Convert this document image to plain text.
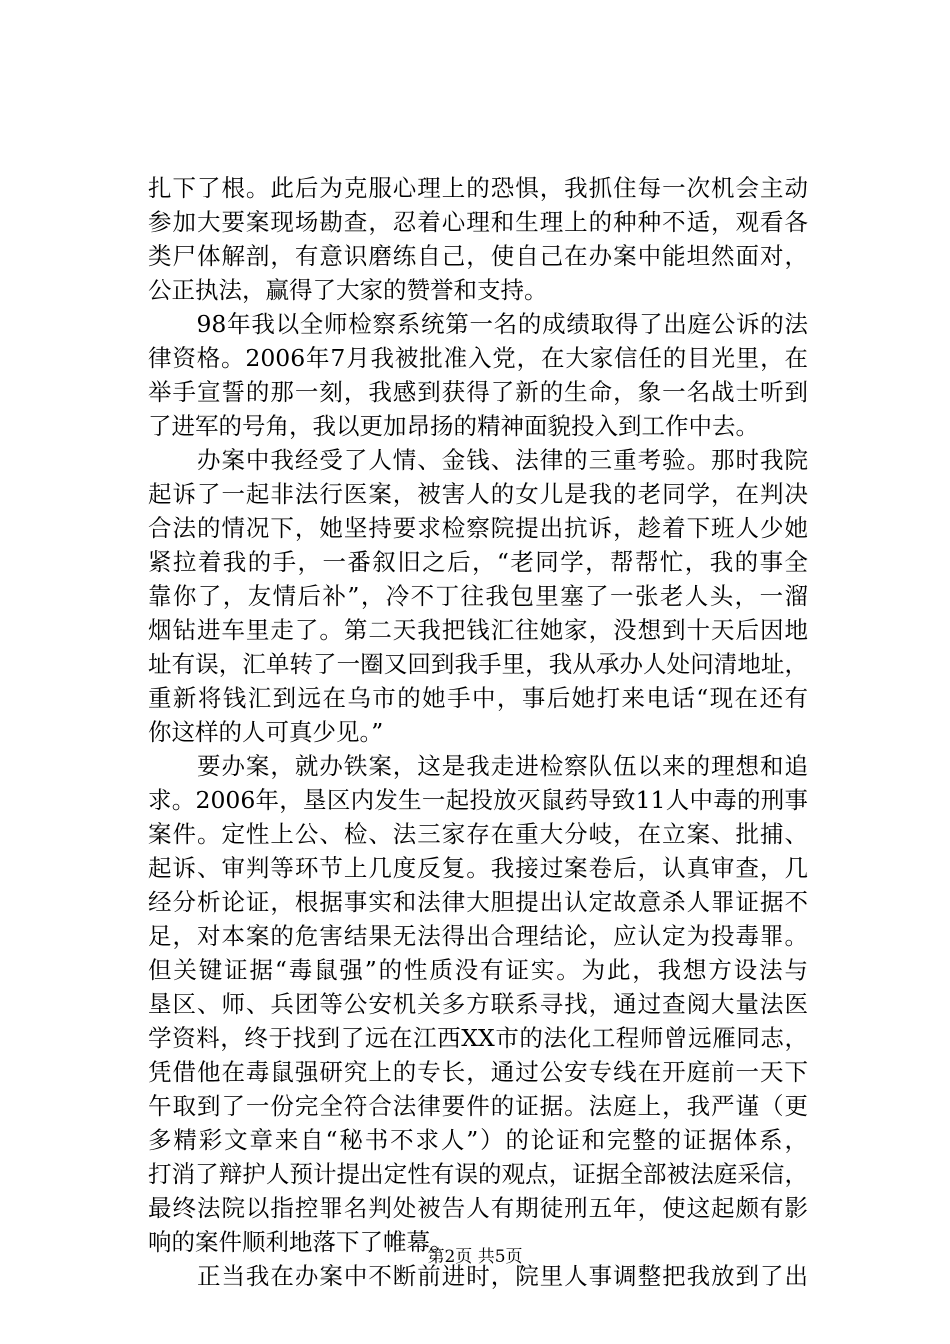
扎下了根。此后为克服心理上的恐惧，我抓住每一次机会主动
参加大要案现场勘查，忍着心理和生理上的种种不适，观看各
类尸体解剖，有意识磨练自己，使自己在办案中能坦然面对，
公正执法，赢得了大家的赞誉和支持。
　　98年我以全师检察系统第一名的成绩取得了出庭公诉的法
律资格。2006年7月我被批准入党，在大家信任的目光里，在
举手宣誓的那一刻，我感到获得了新的生命，象一名战士听到
了进军的号角，我以更加昂扬的精神面貌投入到工作中去。
　　办案中我经受了人情、金钱、法律的三重考验。那时我院
起诉了一起非法行医案，被害人的女儿是我的老同学，在判决
合法的情况下，她坚持要求检察院提出抗诉，趁着下班人少她
紧拉着我的手，一番叙旧之后，“老同学，帮帮忙，我的事全
靠你了，友情后补”，冷不丁往我包里塞了一张老人头，一溜
烟钻进车里走了。第二天我把钱汇往她家，没想到十天后因地
址有误，汇单转了一圈又回到我手里，我从承办人处问清地址，
重新将钱汇到远在乌市的她手中，事后她打来电话“现在还有
你这样的人可真少见。”
　　要办案，就办铁案，这是我走进检察队伍以来的理想和追
求。2006年，垦区内发生一起投放灭鼠药导致11人中毒的刑事
案件。定性上公、检、法三家存在重大分岐，在立案、批捕、
起诉、审判等环节上几度反复。我接过案卷后，认真审查，几
经分析论证，根据事实和法律大胆提出认定故意杀人罪证据不
足，对本案的危害结果无法得出合理结论，应认定为投毒罪。
但关键证据“毒鼠强”的性质没有证实。为此，我想方设法与
垦区、师、兵团等公安机关多方联系寻找，通过查阅大量法医
学资料，终于找到了远在江西XX市的法化工程师曾远雁同志，
凭借他在毒鼠强研究上的专长，通过公安专线在开庭前一天下
午取到了一份完全符合法律要件的证据。法庭上，我严谨（更
多精彩文章来自“秘书不求人”）的论证和完整的证据体系，
打消了辩护人预计提出定性有误的观点，证据全部被法庭采信，
最终法院以指控罪名判处被告人有期徒刑五年，使这起颇有影
响的案件顺利地落下了帷幕。
　　正当我在办案中不断前进时，院里人事调整把我放到了出
第2页 共5页
